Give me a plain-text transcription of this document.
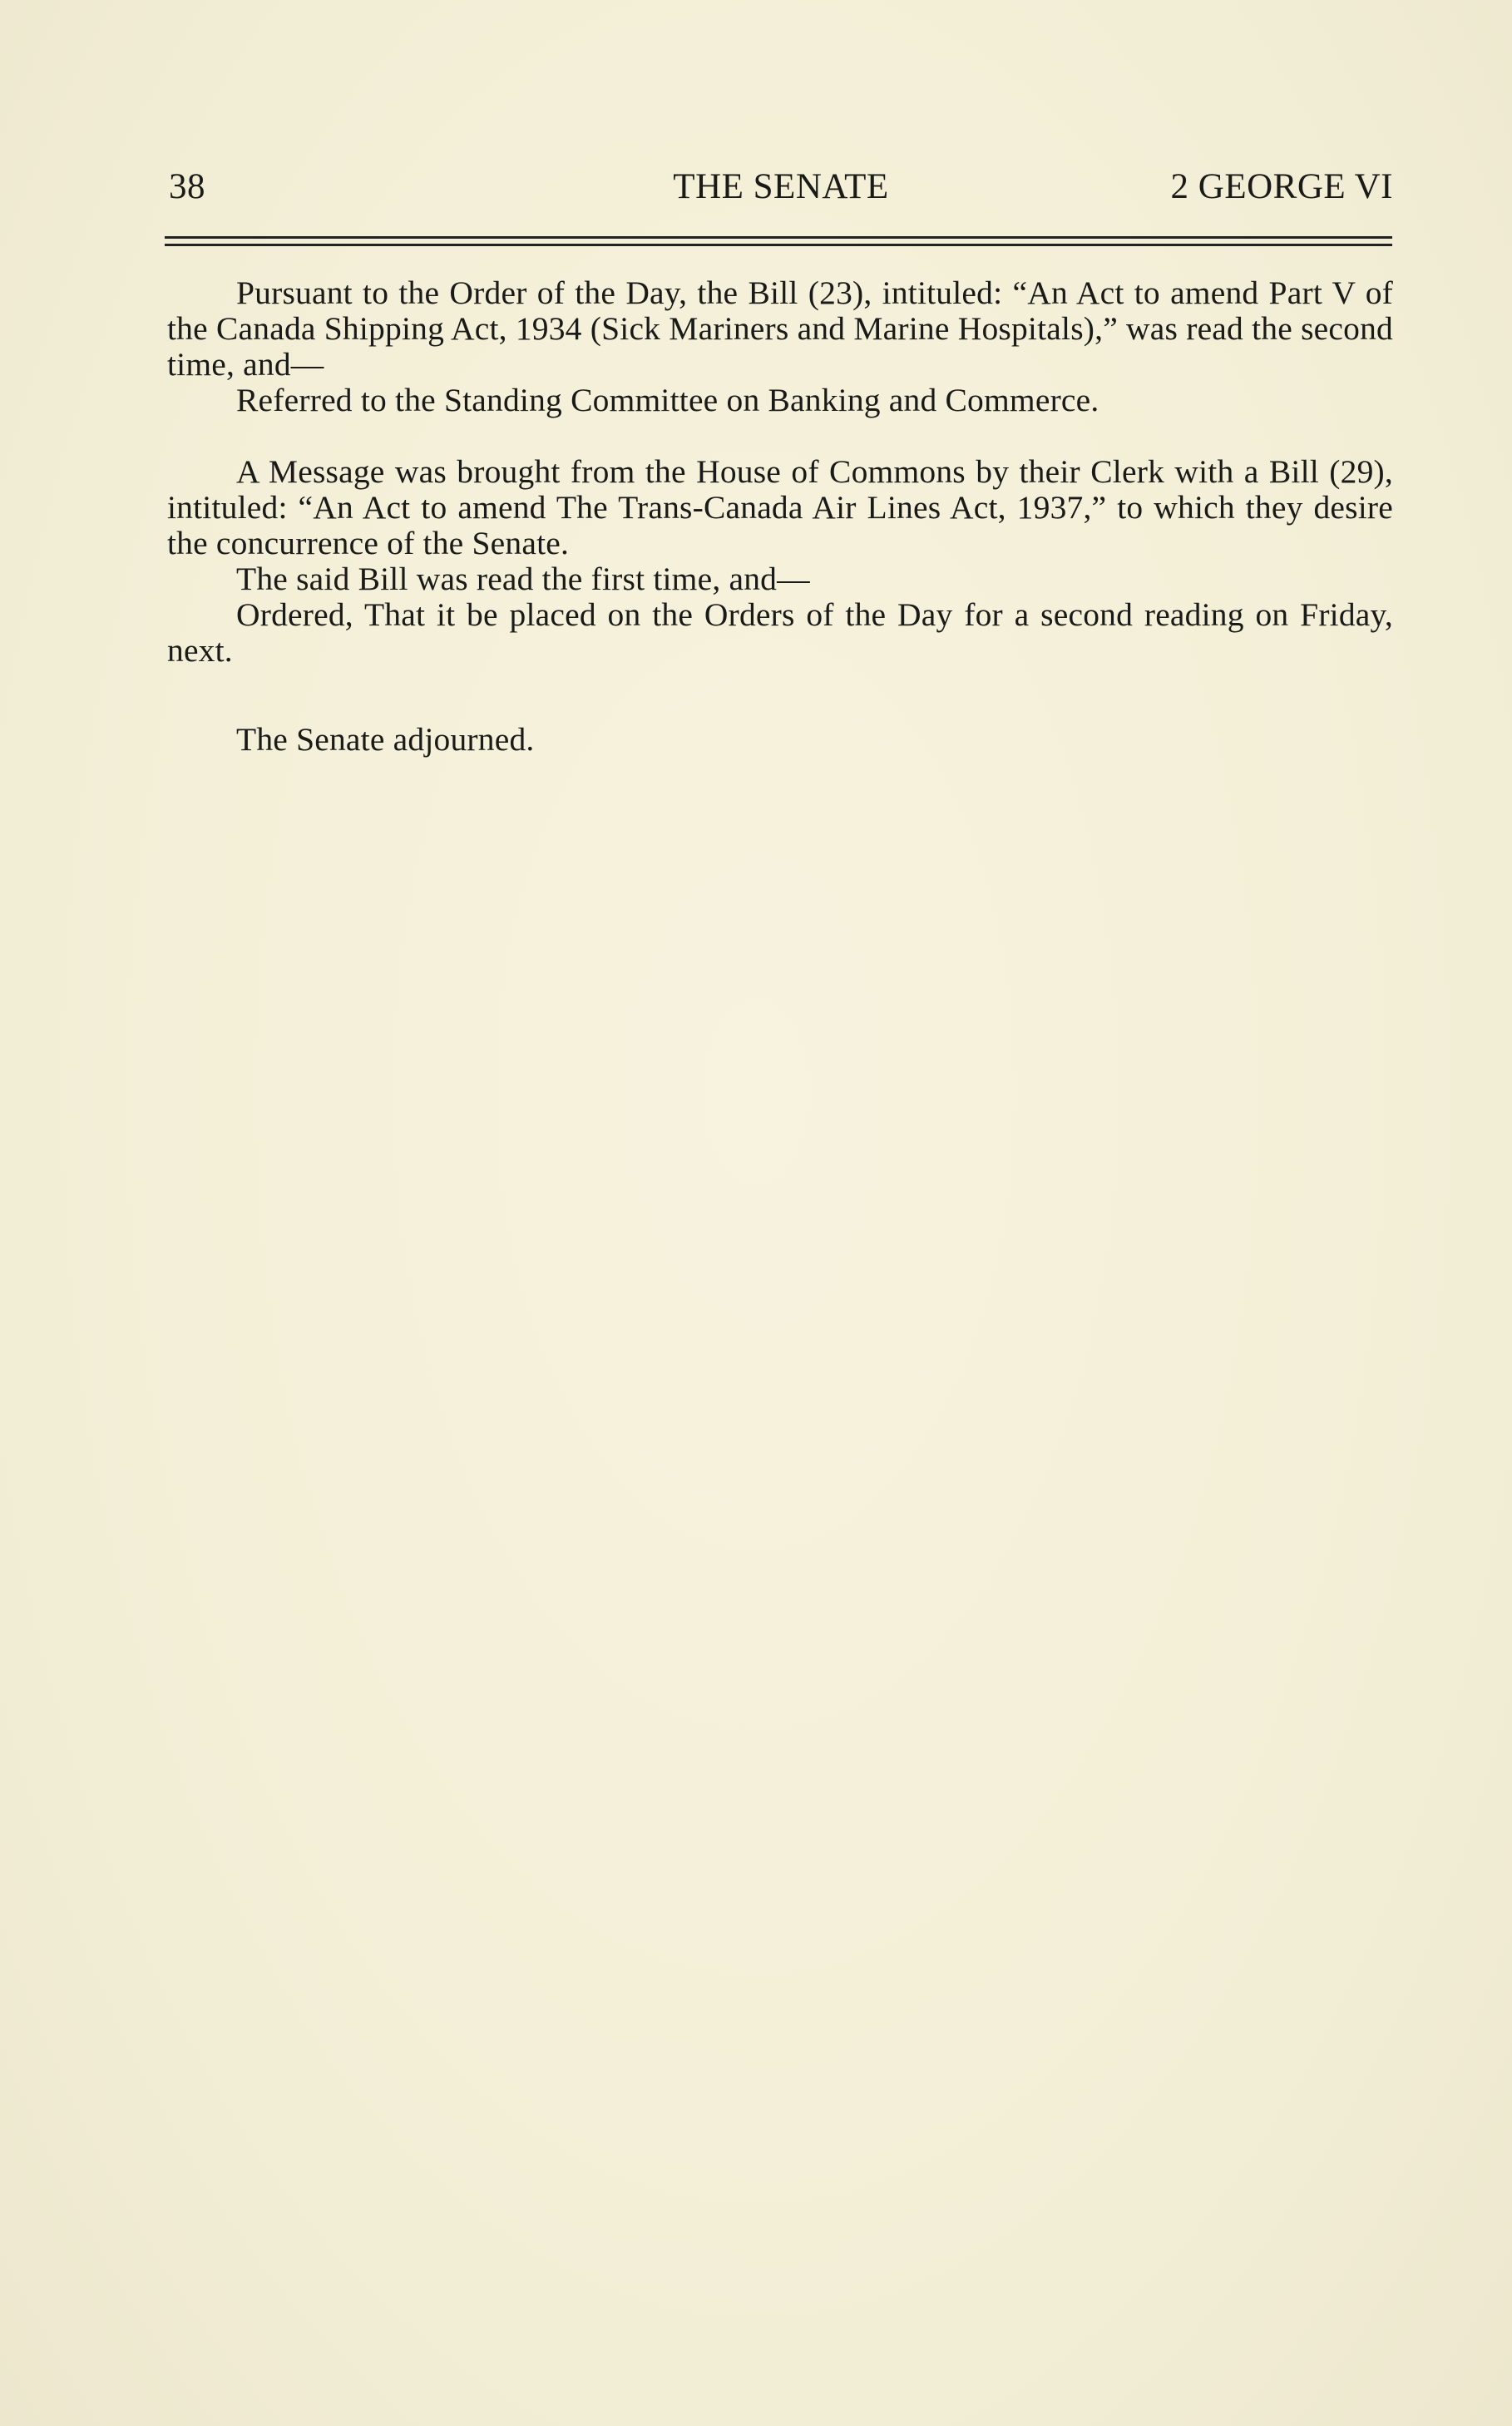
38	THE SENATE	2 GEORGE VI

Pursuant to the Order of the Day, the Bill (23), intituled: “An Act to amend Part V of the Canada Shipping Act, 1934 (Sick Mariners and Marine Hospitals),” was read the second time, and—

Referred to the Standing Committee on Banking and Commerce.

A Message was brought from the House of Commons by their Clerk with a Bill (29), intituled: “An Act to amend The Trans-Canada Air Lines Act, 1937,” to which they desire the concurrence of the Senate.

The said Bill was read the first time, and—

Ordered, That it be placed on the Orders of the Day for a second reading on Friday, next.

The Senate adjourned.
